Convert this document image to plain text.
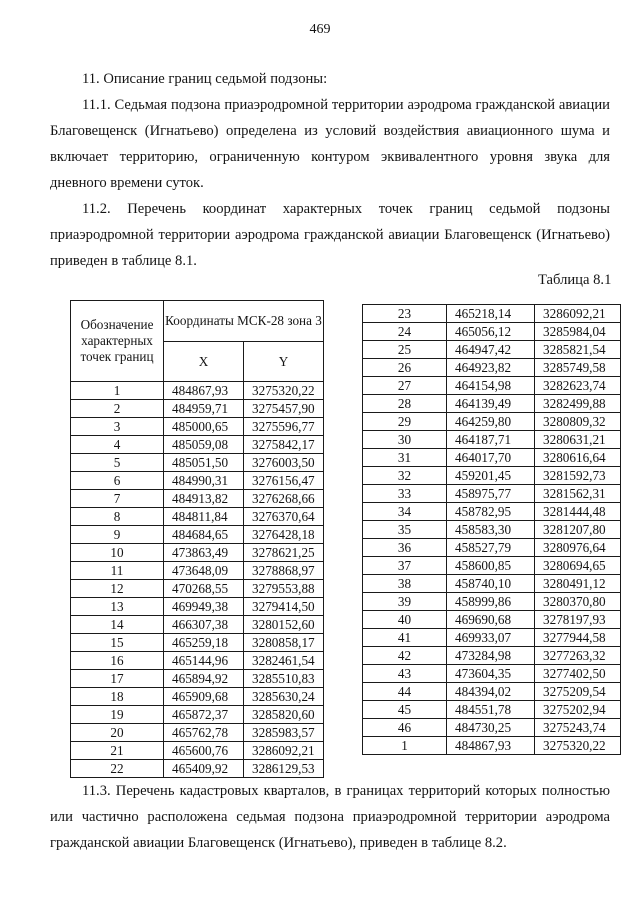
469

11. Описание границ седьмой подзоны:

11.1. Седьмая подзона приаэродромной территории аэродрома гражданской авиации Благовещенск (Игнатьево) определена из условий воздействия авиационного шума и включает территорию, ограниченную контуром эквивалентного уровня звука для дневного времени суток.

11.2. Перечень координат характерных точек границ седьмой подзоны приаэродромной территории аэродрома гражданской авиации Благовещенск (Игнатьево) приведен в таблице 8.1.

Таблица 8.1
Обозначение характерных точек границ	Координаты МСК-28 зона 3	
	X	Y
1	484867,93	3275320,22
2	484959,71	3275457,90
3	485000,65	3275596,77
4	485059,08	3275842,17
5	485051,50	3276003,50
6	484990,31	3276156,47
7	484913,82	3276268,66
8	484811,84	3276370,64
9	484684,65	3276428,18
10	473863,49	3278621,25
11	473648,09	3278868,97
12	470268,55	3279553,88
13	469949,38	3279414,50
14	466307,38	3280152,60
15	465259,18	3280858,17
16	465144,96	3282461,54
17	465894,92	3285510,83
18	465909,68	3285630,24
19	465872,37	3285820,60
20	465762,78	3285983,57
21	465600,76	3286092,21
22	465409,92	3286129,53
23	465218,14	3286092,21
24	465056,12	3285984,04
25	464947,42	3285821,54
26	464923,82	3285749,58
27	464154,98	3282623,74
28	464139,49	3282499,88
29	464259,80	3280809,32
30	464187,71	3280631,21
31	464017,70	3280616,64
32	459201,45	3281592,73
33	458975,77	3281562,31
34	458782,95	3281444,48
35	458583,30	3281207,80
36	458527,79	3280976,64
37	458600,85	3280694,65
38	458740,10	3280491,12
39	458999,86	3280370,80
40	469690,68	3278197,93
41	469933,07	3277944,58
42	473284,98	3277263,32
43	473604,35	3277402,50
44	484394,02	3275209,54
45	484551,78	3275202,94
46	484730,25	3275243,74
1	484867,93	3275320,22

11.3. Перечень кадастровых кварталов, в границах территорий которых полностью или частично расположена седьмая подзона приаэродромной территории аэродрома гражданской авиации Благовещенск (Игнатьево), приведен в таблице 8.2.
